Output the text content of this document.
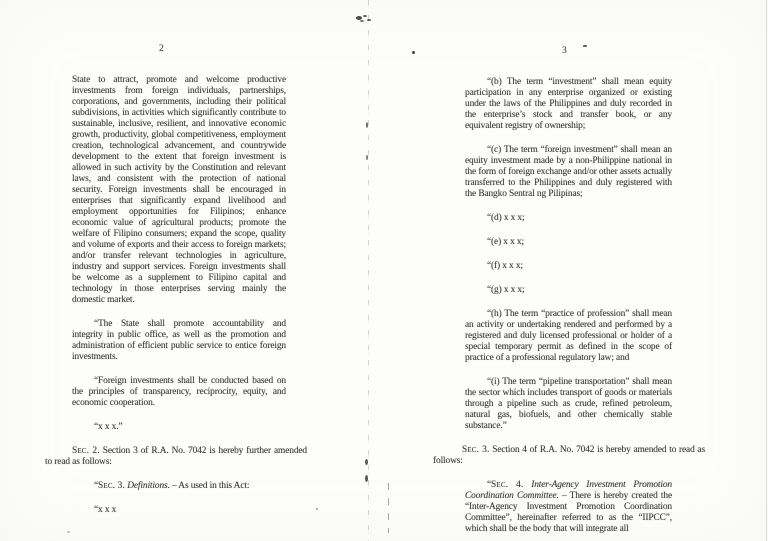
2	3

State to attract, promote and welcome productive investments from foreign individuals, partnerships, corporations, and governments, including their political subdivisions, in activities which significantly contribute to sustainable, inclusive, resilient, and innovative economic growth, productivity, global competitiveness, employment creation, technological advancement, and countrywide development to the extent that foreign investment is allowed in such activity by the Constitution and relevant laws, and consistent with the protection of national security. Foreign investments shall be encouraged in enterprises that significantly expand livelihood and employment opportunities for Filipinos; enhance economic value of agricultural products; promote the welfare of Filipino consumers; expand the scope, quality and volume of exports and their access to foreign markets; and/or transfer relevant technologies in agriculture, industry and support services. Foreign investments shall be welcome as a supplement to Filipino capital and technology in those enterprises serving mainly the domestic market.

“The State shall promote accountability and integrity in public office, as well as the promotion and administration of efficient public service to entice foreign investments.

“Foreign investments shall be conducted based on the principles of transparency, reciprocity, equity, and economic cooperation.

“x x x.”

Sec. 2. Section 3 of R.A. No. 7042 is hereby further amended to read as follows:

“Sec. 3. Definitions. – As used in this Act:

“x x x

“(b) The term “investment” shall mean equity participation in any enterprise organized or existing under the laws of the Philippines and duly recorded in the enterprise’s stock and transfer book, or any equivalent registry of ownership;

“(c) The term “foreign investment” shall mean an equity investment made by a non-Philippine national in the form of foreign exchange and/or other assets actually transferred to the Philippines and duly registered with the Bangko Sentral ng Pilipinas;

“(d) x x x;

“(e) x x x;

“(f) x x x;

“(g) x x x;

“(h) The term “practice of profession” shall mean an activity or undertaking rendered and performed by a registered and duly licensed professional or holder of a special temporary permit as defined in the scope of practice of a professional regulatory law; and

“(i) The term “pipeline transportation” shall mean the sector which includes transport of goods or materials through a pipeline such as crude, refined petroleum, natural gas, biofuels, and other chemically stable substance.”

Sec. 3. Section 4 of R.A. No. 7042 is hereby amended to read as follows:

“Sec. 4. Inter-Agency Investment Promotion Coordination Committee. – There is hereby created the “Inter-Agency Investment Promotion Coordination Committee”, hereinafter referred to as the “IIPCC”, which shall be the body that will integrate all
